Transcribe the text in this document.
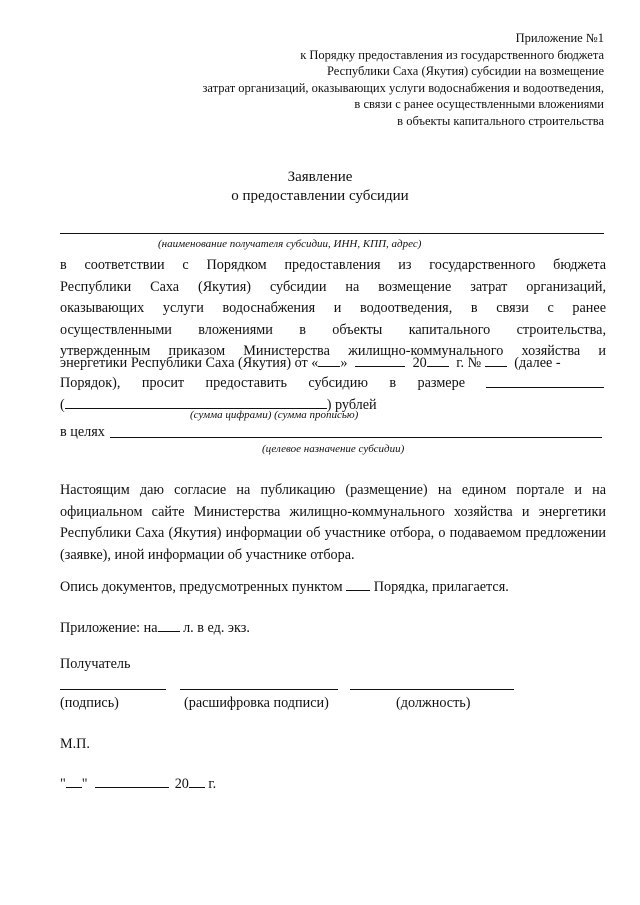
Приложение №1
к Порядку предоставления из государственного бюджета
Республики Саха (Якутия) субсидии на возмещение
затрат организаций, оказывающих услуги водоснабжения и водоотведения,
в связи с ранее осуществленными вложениями
в объекты капитального строительства
Заявление
о предоставлении субсидии
(наименование получателя субсидии, ИНН, КПП, адрес)
в соответствии с Порядком предоставления из государственного бюджета
Республики Саха (Якутия) субсидии на возмещение затрат организаций,
оказывающих услуги водоснабжения и водоотведения, в связи с ранее
осуществленными вложениями в объекты капитального строительства,
утвержденным приказом Министерства жилищно-коммунального хозяйства и
энергетики Республики Саха (Якутия) от « »	20 г. № (далее -
Порядок), просит предоставить субсидию в размере
(	) рублей
(сумма цифрами) (сумма прописью)
в целях
(целевое назначение субсидии)
Настоящим даю согласие на публикацию (размещение) на едином портале и на официальном сайте Министерства жилищно-коммунального хозяйства и энергетики Республики Саха (Якутия) информации об участнике отбора, о подаваемом предложении (заявке), иной информации об участнике отбора.
Опись документов, предусмотренных пунктом Порядка, прилагается.
Приложение: на л. в ед. экз.
Получатель
(подпись)	(расшифровка подписи)	(должность)
М.П.
" "	20 г.
